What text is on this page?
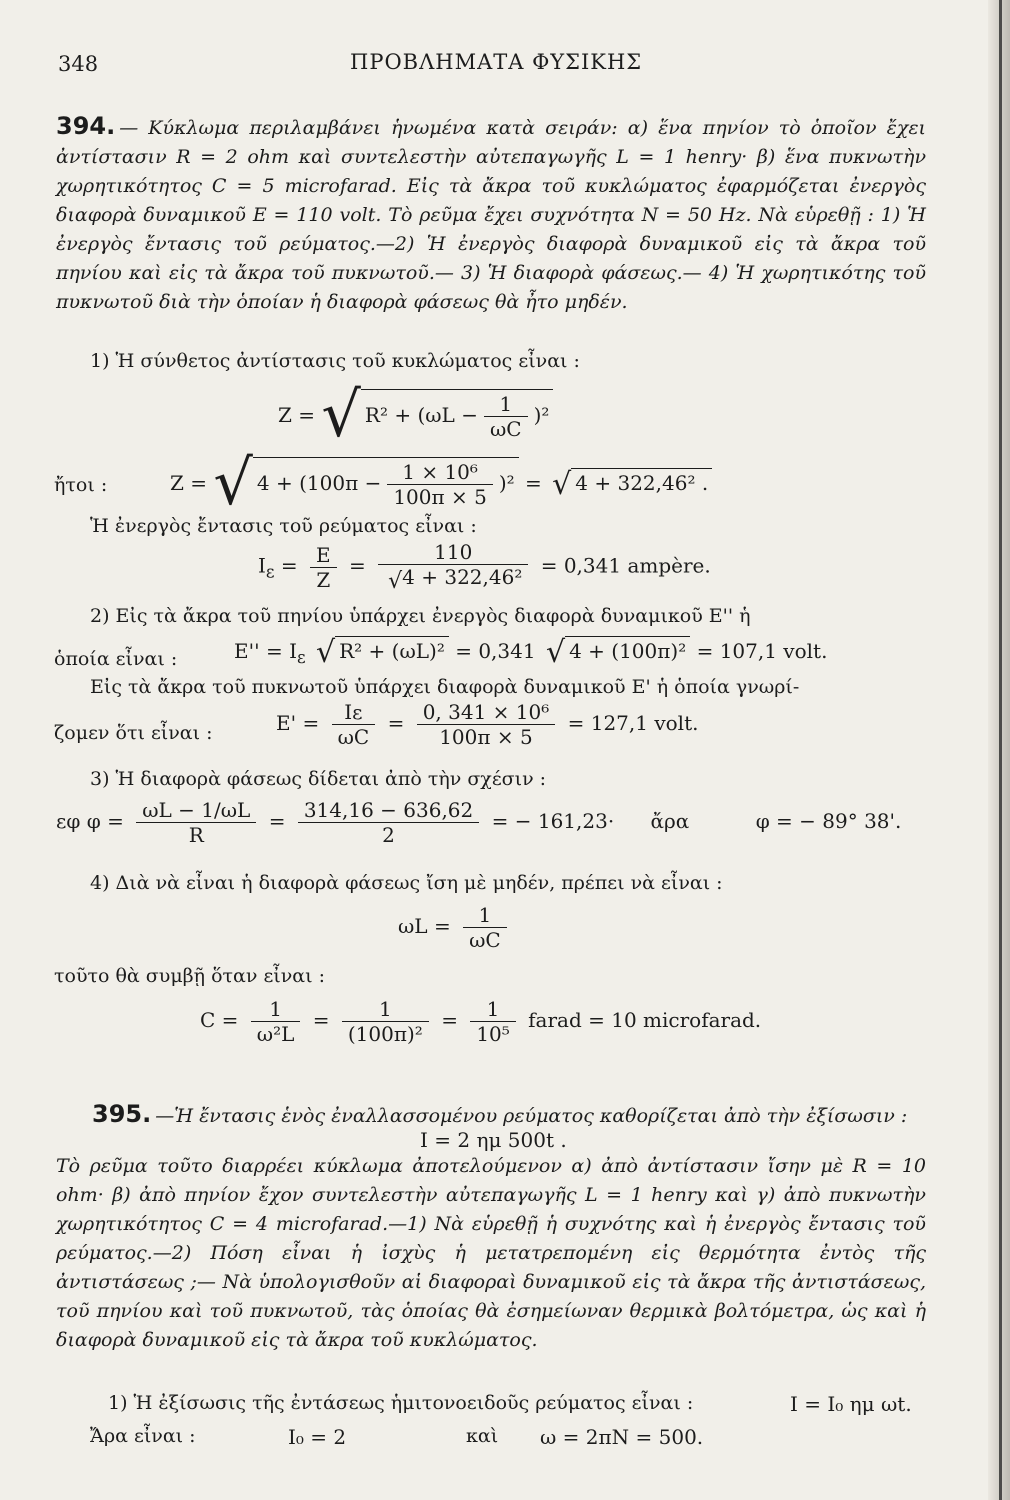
348	ΠΡΟΒΛΗΜΑΤΑ ΦΥΣΙΚΗΣ
394. — Κύκλωμα περιλαμβάνει ἡνωμένα κατὰ σειράν: α) ἕνα πηνίον τὸ ὁποῖον ἔχει ἀντίστασιν R = 2 ohm καὶ συντελεστὴν αὐτεπαγωγῆς L = 1 henry· β) ἕνα πυκνωτὴν χωρητικότητος C = 5 microfarad. Εἰς τὰ ἄκρα τοῦ κυκλώματος ἐφαρμόζεται ἐνεργὸς διαφορὰ δυναμικοῦ E = 110 volt. Τὸ ρεῦμα ἔχει συχνότητα N = 50 Hz. Νὰ εὑρεθῇ : 1) Ἡ ἐνεργὸς ἔντασις τοῦ ρεύματος.—2) Ἡ ἐνεργὸς διαφορὰ δυναμικοῦ εἰς τὰ ἄκρα τοῦ πηνίου καὶ εἰς τὰ ἄκρα τοῦ πυκνωτοῦ.— 3) Ἡ διαφορὰ φάσεως.— 4) Ἡ χωρητικότης τοῦ πυκνωτοῦ διὰ τὴν ὁποίαν ἡ διαφορὰ φάσεως θὰ ἦτο μηδέν.
1) Ἡ σύνθετος ἀντίστασις τοῦ κυκλώματος εἶναι :
Z = √ $R^2 + (\omega L - \frac{1}{\omega C} )^2$
ἤτοι :	Z = √ $4 + (100\pi - \frac{\text{1 × 10⁶}}{100\pi \times 5} )^2$ = √ 4 + 322,46² .
Ἡ ἐνεργὸς ἔντασις τοῦ ρεύματος εἶναι :
$I_\varepsilon = \frac{E}{Z} = \frac{110}{\text{√4 + 322,46²}} = 0,341$ ampère.
2) Εἰς τὰ ἄκρα τοῦ πηνίου ὑπάρχει ἐνεργὸς διαφορὰ δυναμικοῦ E'' ἡ
ὁποία εἶναι :	$E'' = I_\varepsilon$ √ R² + (ωL)² = 0,341 √ 4 + (100π)² = 107,1 volt.
Εἰς τὰ ἄκρα τοῦ πυκνωτοῦ ὑπάρχει διαφορὰ δυναμικοῦ E' ἡ ὁποία γνωρί-
ζομεν ὅτι εἶναι :	$E' = \frac{I\varepsilon}{\omega C} = \frac{\text{0, 341 × 10⁶}}{100\pi \times 5} = 127,1$ volt.
3) Ἡ διαφορὰ φάσεως δίδεται ἀπὸ τὴν σχέσιν :
εφ $\varphi = \frac{\omega L - 1/\omega L}{R} = \frac{314,16 - 636,62}{2}$ = − 161,23· ἄρα	φ = − 89° 38'.
4) Διὰ νὰ εἶναι ἡ διαφορὰ φάσεως ἴση μὲ μηδέν, πρέπει νὰ εἶναι :
$\omega L = \frac{1}{\omega C}$
τοῦτο θὰ συμβῇ ὅταν εἶναι :
$C = \frac{1}{\text{ω²L}} = \frac{1}{\text{(100π)²}} = \frac{1}{\text{10⁵}}$ farad = 10 microfarad.
395. —Ἡ ἔντασις ἑνὸς ἐναλλασσομένου ρεύματος καθορίζεται ἀπὸ τὴν ἐξίσωσιν :
I = 2 ημ 500t .
Τὸ ρεῦμα τοῦτο διαρρέει κύκλωμα ἀποτελούμενον α) ἀπὸ ἀντίστασιν ἴσην μὲ R = 10 ohm· β) ἀπὸ πηνίον ἔχον συντελεστὴν αὐτεπαγωγῆς L = 1 henry καὶ γ) ἀπὸ πυκνωτὴν χωρητικότητος C = 4 microfarad.—1) Νὰ εὑρεθῇ ἡ συχνότης καὶ ἡ ἐνεργὸς ἔντασις τοῦ ρεύματος.—2) Πόση εἶναι ἡ ἰσχὺς ἡ μετατρεπομένη εἰς θερμότητα ἐντὸς τῆς ἀντιστάσεως ;— Νὰ ὑπολογισθοῦν αἱ διαφοραὶ δυναμικοῦ εἰς τὰ ἄκρα τῆς ἀντιστάσεως, τοῦ πηνίου καὶ τοῦ πυκνωτοῦ, τὰς ὁποίας θὰ ἐσημείωναν θερμικὰ βολτόμετρα, ὡς καὶ ἡ διαφορὰ δυναμικοῦ εἰς τὰ ἄκρα τοῦ κυκλώματος.
1) Ἡ ἐξίσωσις τῆς ἐντάσεως ἡμιτονοειδοῦς ρεύματος εἶναι :	I = I₀ ημ ωt.
Ἄρα εἶναι :	I₀ = 2	καὶ ω = 2πN = 500.
